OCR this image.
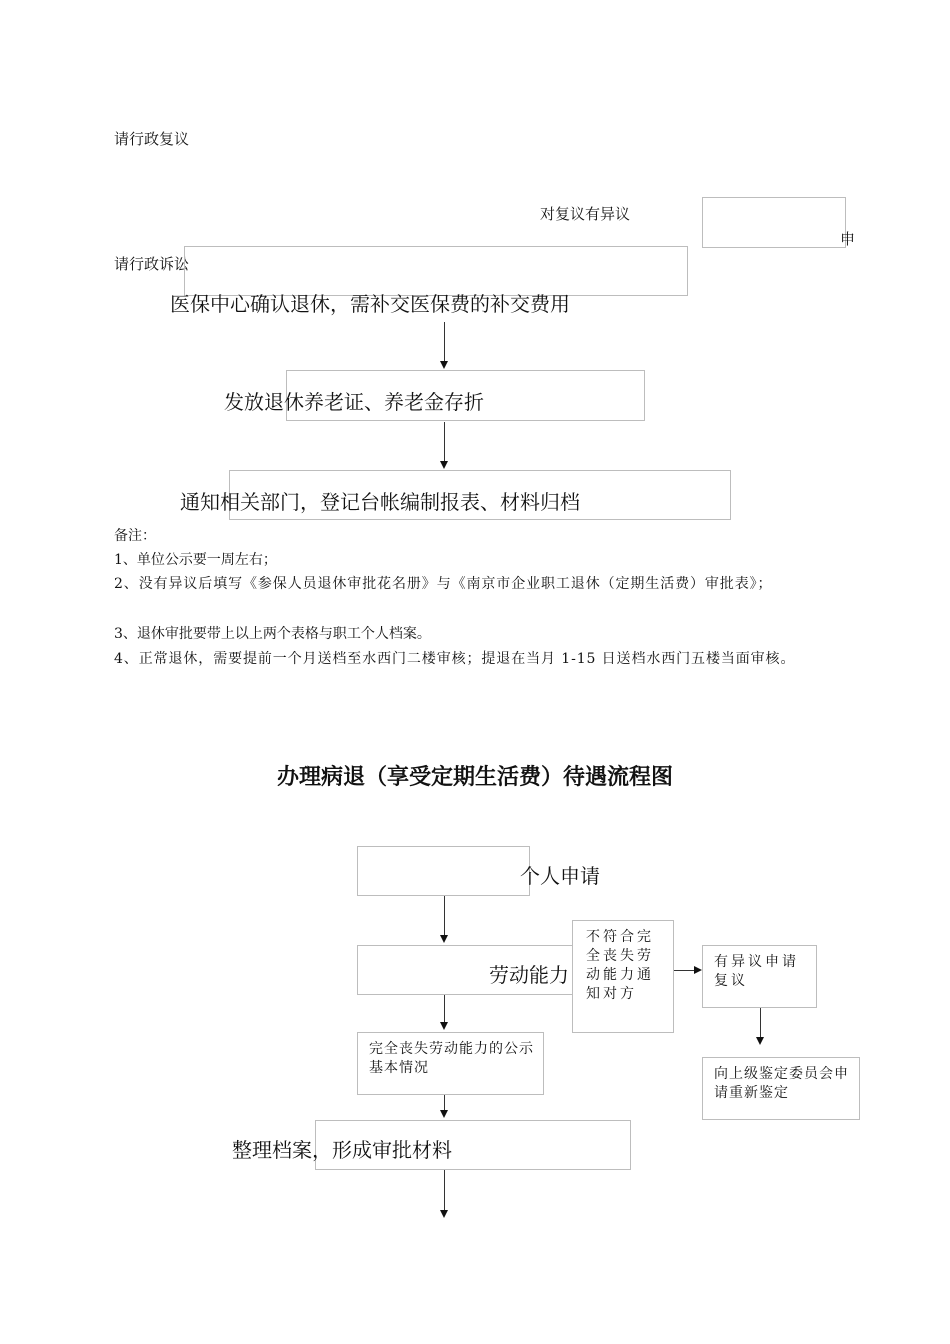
请行政复议
对复议有异议
申
请行政诉讼
医保中心确认退休，需补交医保费的补交费用
发放退休养老证、养老金存折
通知相关部门，登记台帐编制报表、材料归档
备注：
1、单位公示要一周左右；
2、没有异议后填写《参保人员退休审批花名册》与《南京市企业职工退休（定期生活费）审批表》；
3、退休审批要带上以上两个表格与职工个人档案。
4、正常退休，需要提前一个月送档至水西门二楼审核；提退在当月 1-15 日送档水西门五楼当面审核。
办理病退（享受定期生活费）待遇流程图
个人申请
劳动能力
不符合完全丧失劳动能力通知对方
有异议申请复议
向上级鉴定委员会申请重新鉴定
完全丧失劳动能力的公示基本情况
整理档案，形成审批材料
